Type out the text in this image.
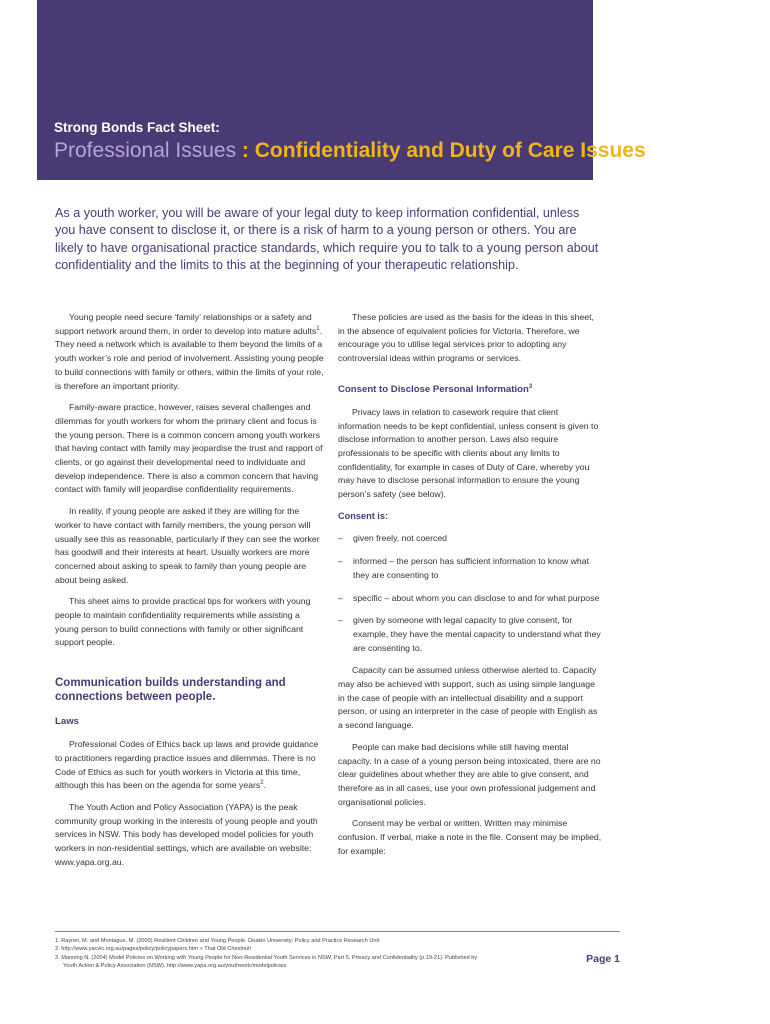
Strong Bonds Fact Sheet:

Professional Issues : Confidentiality and Duty of Care Issues

As a youth worker, you will be aware of your legal duty to keep information confidential, unless you have consent to disclose it, or there is a risk of harm to a young person or others. You are likely to have organisational practice standards, which require you to talk to a young person about confidentiality and the limits to this at the beginning of your therapeutic relationship.

Young people need secure ‘family’ relationships or a safety and support network around them, in order to develop into mature adults$^1$. They need a network which is available to them beyond the limits of a youth worker’s role and period of involvement. Assisting young people to build connections with family or others, within the limits of your role, is therefore an important priority.

Family-aware practice, however, raises several challenges and dilemmas for youth workers for whom the primary client and focus is the young person. There is a common concern among youth workers that having contact with family may jeopardise the trust and rapport of clients, or go against their developmental need to individuate and develop independence. There is also a common concern that having contact with family will jeopardise confidentiality requirements.

In reality, if young people are asked if they are willing for the worker to have contact with family members, the young person will usually see this as reasonable, particularly if they can see the worker has goodwill and their interests at heart. Usually workers are more concerned about asking to speak to family than young people are about being asked.

This sheet aims to provide practical tips for workers with young people to maintain confidentiality requirements while assisting a young person to build connections with family or other significant support people.

Communication builds understanding and connections between people.
Laws

Professional Codes of Ethics back up laws and provide guidance to practitioners regarding practice issues and dilemmas. There is no Code of Ethics as such for youth workers in Victoria at this time, although this has been on the agenda for some years$^2$.

The Youth Action and Policy Association (YAPA) is the peak community group working in the interests of young people and youth services in NSW. This body has developed model policies for youth workers in non-residential settings, which are available on website: www.yapa.org.au.

These policies are used as the basis for the ideas in this sheet, in the absence of equivalent policies for Victoria. Therefore, we encourage you to utilise legal services prior to adopting any controversial ideas within programs or services.

Consent to Disclose Personal Information$^3$

Privacy laws in relation to casework require that client information needs to be kept confidential, unless consent is given to disclose information to another person. Laws also require professionals to be specific with clients about any limits to confidentiality, for example in cases of Duty of Care, whereby you may have to disclose personal information to ensure the young person’s safety (see below).

Consent is:
– given freely, not coerced
– informed – the person has sufficient information to know what they are consenting to
– specific – about whom you can disclose to and for what purpose
– given by someone with legal capacity to give consent, for example, they have the mental capacity to understand what they are consenting to.

Capacity can be assumed unless otherwise alerted to. Capacity may also be achieved with support, such as using simple language in the case of people with an intellectual disability and a support person, or using an interpreter in the case of people with English as a second language.

People can make bad decisions while still having mental capacity. In a case of a young person being intoxicated, there are no clear guidelines about whether they are able to give consent, and therefore as in all cases, use your own professional judgement and organisational policies.

Consent may be verbal or written. Written may minimise confusion. If verbal, make a note in the file. Consent may be implied, for example:

1. Rayner, M. and Montague, M. (2000) Resilient Children and Young People. Deakin University: Policy and Practice Research Unit
2. http://www.yacvic.org.au/pages/policy/policypapers.htm > That Old Chestnut!
3. Manning N. (2004) Model Policies on Working with Young People for Non-Residential Youth Services in NSW, Part 5, Privacy and Confidentiality (p.19-21). Published by
Youth Action & Policy Association (NSW). http://www.yapa.org.au/youthwork/modelpolicies
Page 1
